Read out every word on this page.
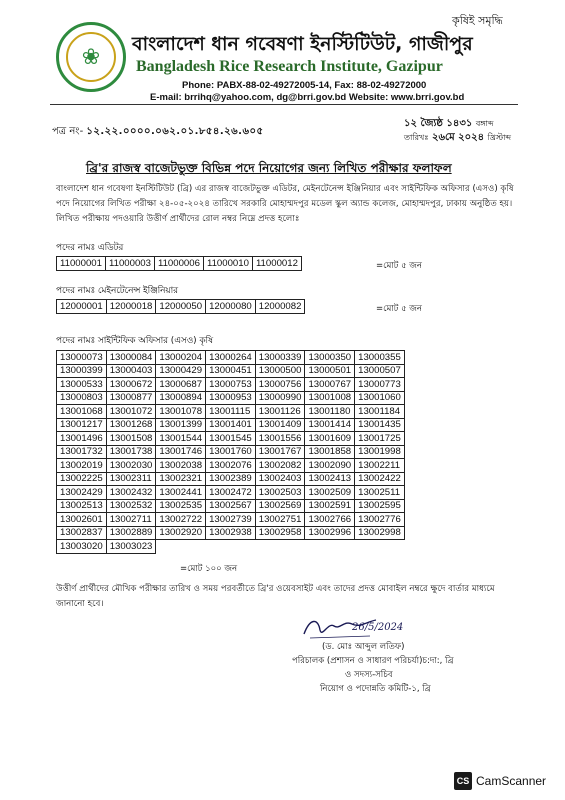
❀
কৃষিই সমৃদ্ধি
বাংলাদেশ ধান গবেষণা ইনস্টিটিউট, গাজীপুর
Bangladesh Rice Research Institute, Gazipur
Phone: PABX-88-02-49272005-14, Fax: 88-02-49272000
E-mail: brrihq@yahoo.com, dg@brri.gov.bd Website: www.brri.gov.bd
পত্র নং- ১২.২২.০০০০.০৬২.০১.৮৫৪.২৬.৬০৫
১২ জ্যৈষ্ঠ ১৪৩১ বঙ্গাব্দ
তারিখঃ ২৬মে ২০২৪ খ্রিস্টাব্দ
ব্রি'র রাজস্ব বাজেটভুক্ত বিভিন্ন পদে নিয়োগের জন্য লিখিত পরীক্ষার ফলাফল
বাংলাদেশ ধান গবেষণা ইনস্টিটিউট (ব্রি) এর রাজস্ব বাজেটভুক্ত এডিটর, মেইনটেনেন্স ইঞ্জিনিয়ার এবং সাইন্টিফিক অফিসার (এসও) কৃষি পদে নিয়োগের লিখিত পরীক্ষা ২৪-০৫-২০২৪ তারিখে সরকারি মোহাম্মদপুর মডেল স্কুল অ্যান্ড কলেজ, মোহাম্মদপুর, ঢাকায় অনুষ্ঠিত হয়। লিখিত পরীক্ষায় পদওয়ারি উত্তীর্ণ প্রার্থীদের রোল নম্বর নিম্নে প্রদত্ত হলোঃ
পদের নামঃ এডিটর
11000001	11000003	11000006	11000010	11000012	=মোট ৫ জন
পদের নামঃ মেইনটেনেন্স ইঞ্জিনিয়ার
12000001	12000018	12000050	12000080	12000082	=মোট ৫ জন
পদের নামঃ সাইন্টিফিক অফিসার (এসও) কৃষি
13000073	13000084	13000204	13000264	13000339	13000350	13000355
13000399	13000403	13000429	13000451	13000500	13000501	13000507
13000533	13000672	13000687	13000753	13000756	13000767	13000773
13000803	13000877	13000894	13000953	13000990	13001008	13001060
13001068	13001072	13001078	13001115	13001126	13001180	13001184
13001217	13001268	13001399	13001401	13001409	13001414	13001435
13001496	13001508	13001544	13001545	13001556	13001609	13001725
13001732	13001738	13001746	13001760	13001767	13001858	13001998
13002019	13002030	13002038	13002076	13002082	13002090	13002211
13002225	13002311	13002321	13002389	13002403	13002413	13002422
13002429	13002432	13002441	13002472	13002503	13002509	13002511
13002513	13002532	13002535	13002567	13002569	13002591	13002595
13002601	13002711	13002722	13002739	13002751	13002766	13002776
13002837	13002889	13002920	13002938	13002958	13002996	13002998
13003020	13003023					
=মোট ১০০ জন
উত্তীর্ণ প্রার্থীদের মৌখিক পরীক্ষার তারিখ ও সময় পরবর্তীতে ব্রি'র ওয়েবসাইট এবং তাদের প্রদত্ত মোবাইল নম্বরে ক্ষুদে বার্তার মাধ্যমে জানানো হবে।
26/5/2024
(ড. মোঃ আব্দুল লতিফ)
পরিচালক (প্রশাসন ও সাধারণ পরিচর্যা)চ:দা:, ব্রি
ও সদস্য-সচিব
নিয়োগ ও পদোন্নতি কমিটি-১, ব্রি
CS CamScanner
